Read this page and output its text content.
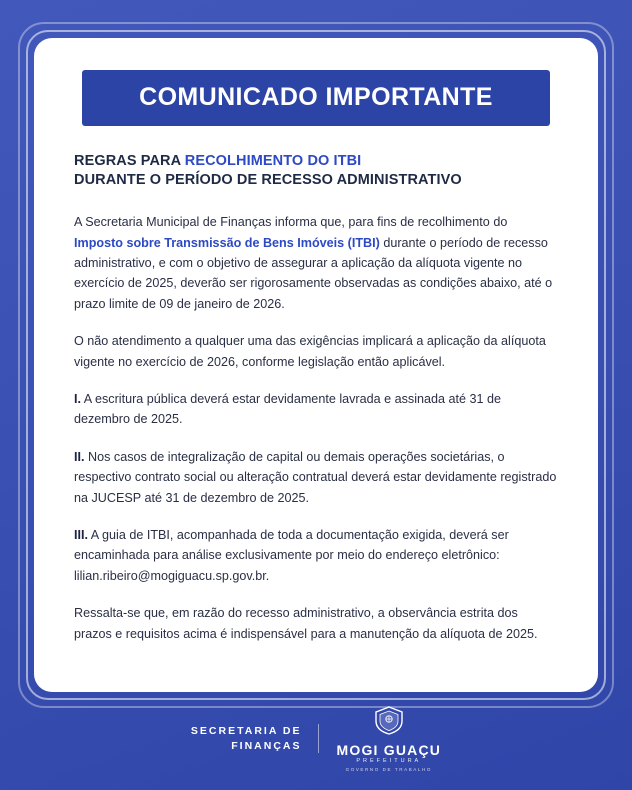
COMUNICADO IMPORTANTE
REGRAS PARA RECOLHIMENTO DO ITBI
DURANTE O PERÍODO DE RECESSO ADMINISTRATIVO

A Secretaria Municipal de Finanças informa que, para fins de recolhimento do Imposto sobre Transmissão de Bens Imóveis (ITBI) durante o período de recesso administrativo, e com o objetivo de assegurar a aplicação da alíquota vigente no exercício de 2025, deverão ser rigorosamente observadas as condições abaixo, até o prazo limite de 09 de janeiro de 2026.

O não atendimento a qualquer uma das exigências implicará a aplicação da alíquota vigente no exercício de 2026, conforme legislação então aplicável.

I. A escritura pública deverá estar devidamente lavrada e assinada até 31 de dezembro de 2025.

II. Nos casos de integralização de capital ou demais operações societárias, o respectivo contrato social ou alteração contratual deverá estar devidamente registrado na JUCESP até 31 de dezembro de 2025.

III. A guia de ITBI, acompanhada de toda a documentação exigida, deverá ser encaminhada para análise exclusivamente por meio do endereço eletrônico: lilian.ribeiro@mogiguacu.sp.gov.br.

Ressalta-se que, em razão do recesso administrativo, a observância estrita dos prazos e requisitos acima é indispensável para a manutenção da alíquota de 2025.

SECRETARIA DE
FINANÇAS	MOGI GUAÇU
PREFEITURA
GOVERNO DE TRABALHO
